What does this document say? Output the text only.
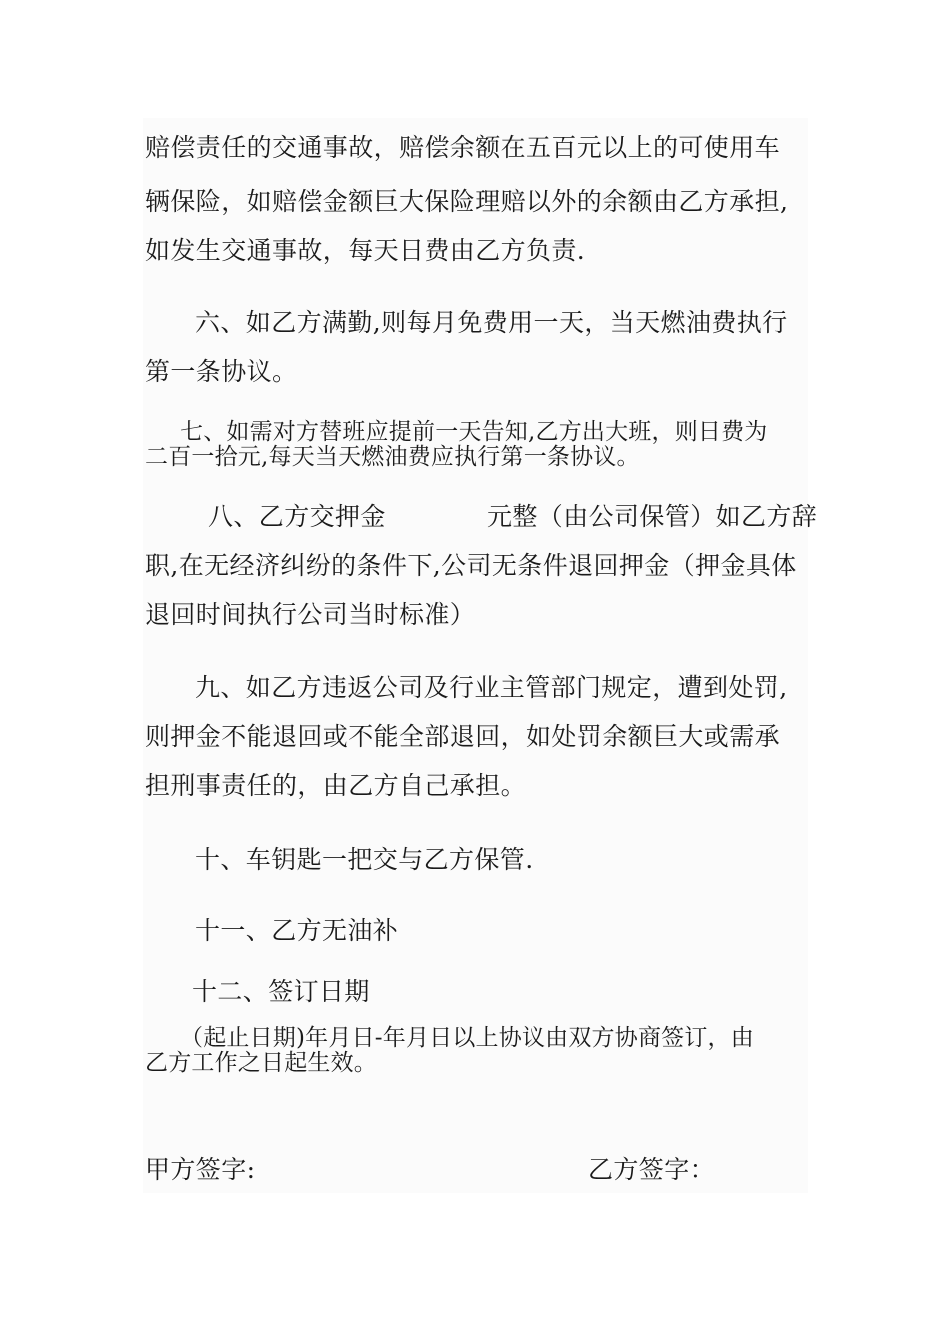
赔偿责任的交通事故，赔偿余额在五百元以上的可使用车
辆保险，如赔偿金额巨大保险理赔以外的余额由乙方承担,
如发生交通事故，每天日费由乙方负责.
六、如乙方满勤,则每月免费用一天，当天燃油费执行
第一条协议。
七、如需对方替班应提前一天告知,乙方出大班，则日费为
二百一拾元,每天当天燃油费应执行第一条协议。
八、乙方交押金	元整（由公司保管）如乙方辞
职,在无经济纠纷的条件下,公司无条件退回押金（押金具体
退回时间执行公司当时标准）
九、如乙方违返公司及行业主管部门规定，遭到处罚,
则押金不能退回或不能全部退回，如处罚余额巨大或需承
担刑事责任的，由乙方自己承担。
十、车钥匙一把交与乙方保管.
十一、乙方无油补
十二、签订日期
（起止日期)年月日-年月日以上协议由双方协商签订，由
乙方工作之日起生效。
甲方签字:	乙方签字：
